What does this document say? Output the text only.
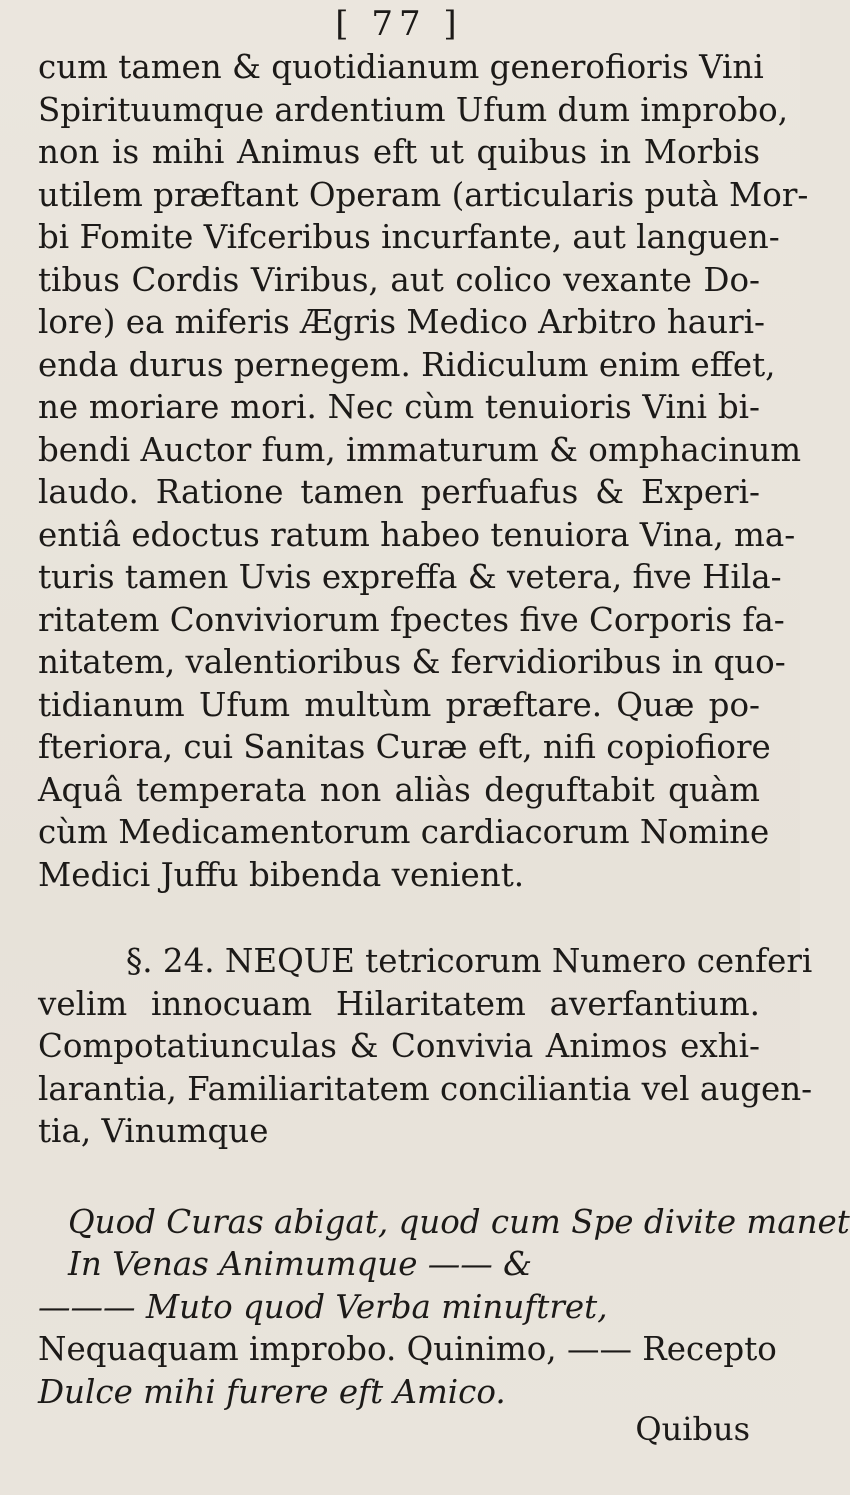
[ 77 ]
cum tamen & quotidianum generofioris Vini
Spirituumque ardentium Ufum dum improbo,
non is mihi Animus eft ut quibus in Morbis
utilem præftant Operam (articularis putà Mor-
bi Fomite Vifceribus incurfante, aut languen-
tibus Cordis Viribus, aut colico vexante Do-
lore) ea miferis Ægris Medico Arbitro hauri-
enda durus pernegem. Ridiculum enim effet,
ne moriare mori. Nec cùm tenuioris Vini bi-
bendi Auctor fum, immaturum & omphacinum
laudo. Ratione tamen perfuafus & Experi-
entiâ edoctus ratum habeo tenuiora Vina, ma-
turis tamen Uvis expreffa & vetera, five Hila-
ritatem Conviviorum fpectes five Corporis fa-
nitatem, valentioribus & fervidioribus in quo-
tidianum Ufum multùm præftare. Quæ po-
fteriora, cui Sanitas Curæ eft, nifi copiofiore
Aquâ temperata non aliàs deguftabit quàm
cùm Medicamentorum cardiacorum Nomine
Medici Juffu bibenda venient.
§. 24. NEQUE tetricorum Numero cenferi
velim innocuam Hilaritatem averfantium.
Compotatiunculas & Convivia Animos exhi-
larantia, Familiaritatem conciliantia vel augen-
tia, Vinumque
Quod Curas abigat, quod cum Spe divite manet
In Venas Animumque —— &
——— Muto quod Verba minuftret,
Nequaquam improbo. Quinimo, —— Recepto
Dulce mihi furere eft Amico.
Quibus
